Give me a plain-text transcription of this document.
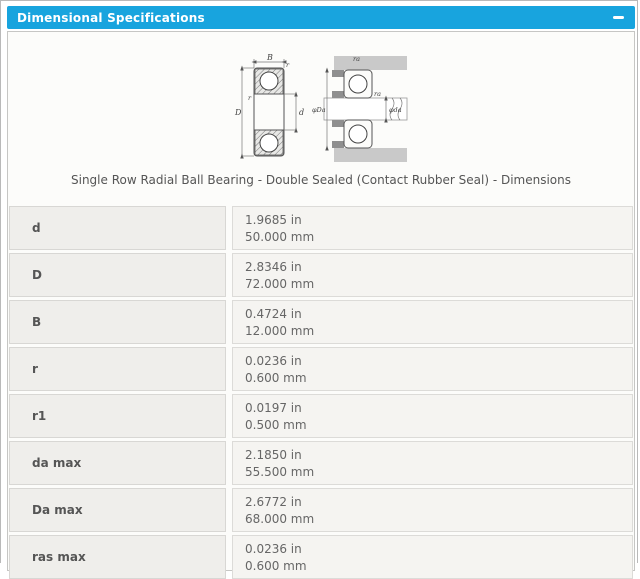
Dimensional Specifications
B
r
r
D	d
ra
ra
φDa	φda
Single Row Radial Ball Bearing - Double Sealed (Contact Rubber Seal) - Dimensions
d
1.9685 in
50.000 mm
D
2.8346 in
72.000 mm
B
0.4724 in
12.000 mm
r
0.0236 in
0.600 mm
r1
0.0197 in
0.500 mm
da max
2.1850 in
55.500 mm
Da max
2.6772 in
68.000 mm
ras max
0.0236 in
0.600 mm
